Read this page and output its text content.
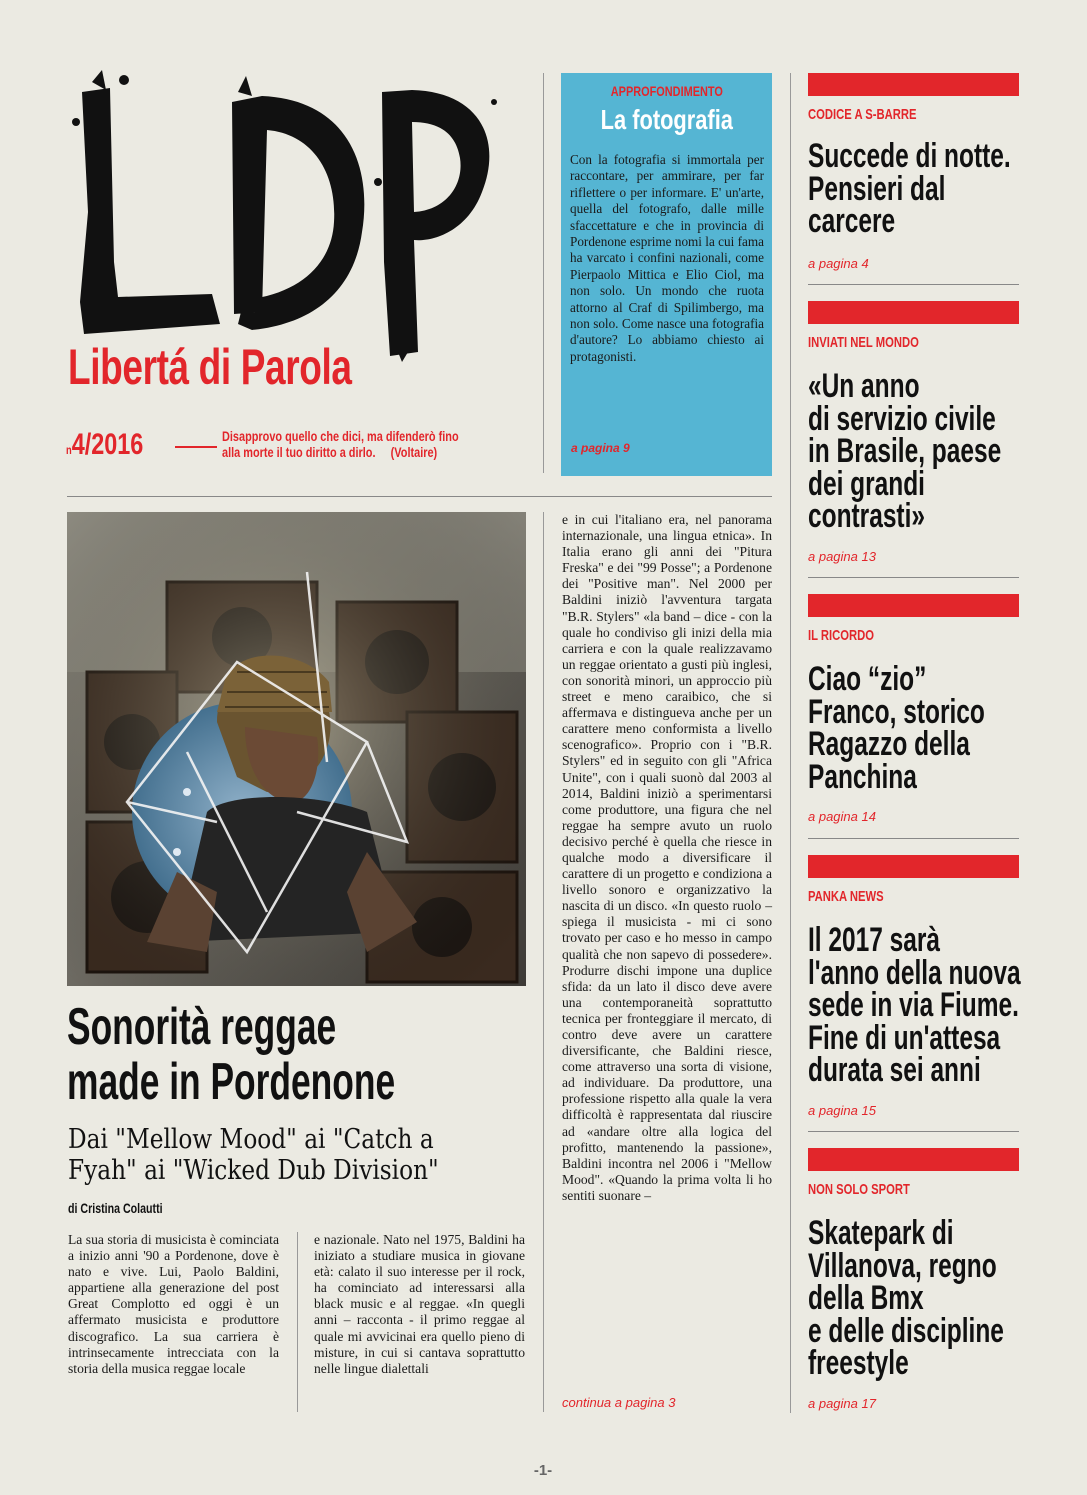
Libertá di Parola
n4/2016	Disapprovo quello che dici, ma difenderò fino
alla morte il tuo diritto a dirlo. (Voltaire)
APPROFONDIMENTO
La fotografia
Con la fotografia si immortala per raccontare, per ammirare, per far riflettere o per informare. E' un'arte, quella del fotografo, dalle mille sfaccettature e che in provincia di Pordenone esprime nomi la cui fama ha varcato i confini nazionali, come Pierpaolo Mittica e Elio Ciol, ma non solo. Un mondo che ruota attorno al Craf di Spilimbergo, ma non solo. Come nasce una fotografia d'autore? Lo abbiamo chiesto ai protagonisti.
a pagina 9
CODICE A S-BARRE
Succede di notte.
Pensieri dal
carcere
a pagina 4
INVIATI NEL MONDO
«Un anno
di servizio civile
in Brasile, paese
dei grandi
contrasti»
a pagina 13
IL RICORDO
Ciao “zio”
Franco, storico
Ragazzo della
Panchina
a pagina 14
PANKA NEWS
Il 2017 sarà
l'anno della nuova
sede in via Fiume.
Fine di un'attesa
durata sei anni
a pagina 15
NON SOLO SPORT
Skatepark di
Villanova, regno
della Bmx
e delle discipline
freestyle
a pagina 17
Sonorità reggae
made in Pordenone
Dai "Mellow Mood" ai "Catch a
Fyah" ai "Wicked Dub Division"
di Cristina Colautti
La sua storia di musicista è cominciata a inizio anni '90 a Pordenone, dove è nato e vive. Lui, Paolo Baldini, appartiene alla generazione del post Great Complotto ed oggi è un affermato musicista e produttore discografico. La sua carriera è intrinsecamente intrecciata con la storia della musica reggae locale
e nazionale. Nato nel 1975, Baldini ha iniziato a studiare musica in giovane età: calato il suo interesse per il rock, ha cominciato ad interessarsi alla black music e al reggae. «In quegli anni – racconta - il primo reggae al quale mi avvicinai era quello pieno di misture, in cui si cantava soprattutto nelle lingue dialettali
e in cui l'italiano era, nel panorama internazionale, una lingua etnica». In Italia erano gli anni dei "Pitura Freska" e dei "99 Posse"; a Pordenone dei "Positive man". Nel 2000 per Baldini iniziò l'avventura targata "B.R. Stylers" «la band – dice - con la quale ho condiviso gli inizi della mia carriera e con la quale realizzavamo un reggae orientato a gusti più inglesi, con sonorità minori, un approccio più street e meno caraibico, che si affermava e distingueva anche per un carattere meno conformista a livello scenografico». Proprio con i "B.R. Stylers" ed in seguito con gli "Africa Unite", con i quali suonò dal 2003 al 2014, Baldini iniziò a sperimentarsi come produttore, una figura che nel reggae ha sempre avuto un ruolo decisivo perché è quella che riesce in qualche modo a diversificare il carattere di un progetto e condiziona a livello sonoro e organizzativo la nascita di un disco. «In questo ruolo – spiega il musicista - mi ci sono trovato per caso e ho messo in campo qualità che non sapevo di possedere». Produrre dischi impone una duplice sfida: da un lato il disco deve avere una contemporaneità soprattutto tecnica per fronteggiare il mercato, di contro deve avere un carattere diversificante, che Baldini riesce, come attraverso una sorta di visione, ad individuare. Da produttore, una professione rispetto alla quale la vera difficoltà è rappresentata dal riuscire ad «andare oltre alla logica del profitto, mantenendo la passione», Baldini incontra nel 2006 i "Mellow Mood". «Quando la prima volta li ho sentiti suonare –
continua a pagina 3
-1-
